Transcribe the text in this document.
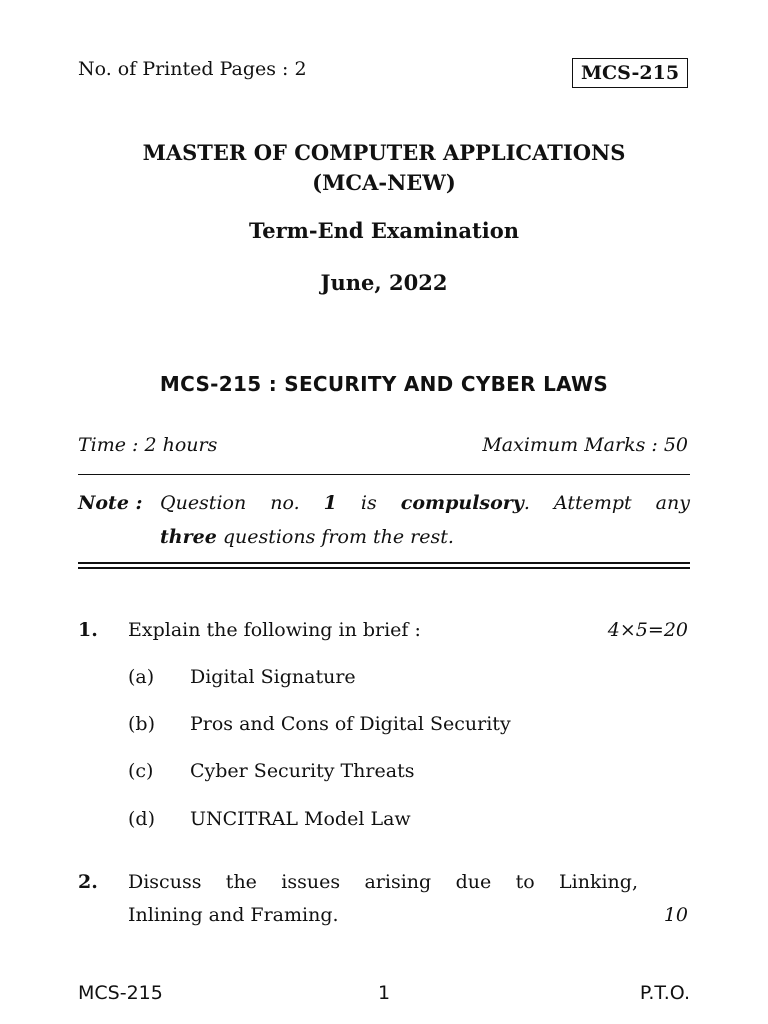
No. of Printed Pages : 2	MCS-215
MASTER OF COMPUTER APPLICATIONS
(MCA-NEW)
Term-End Examination
June, 2022
MCS-215 : SECURITY AND CYBER LAWS
Time : 2 hours	Maximum Marks : 50
Note : Question no. 1 is compulsory. Attempt any
three questions from the rest.
1. Explain the following in brief :	4×5=20
(a) Digital Signature
(b) Pros and Cons of Digital Security
(c) Cyber Security Threats
(d) UNCITRAL Model Law
2. Discuss the issues arising due to Linking,
Inlining and Framing.	10
MCS-215	1	P.T.O.
